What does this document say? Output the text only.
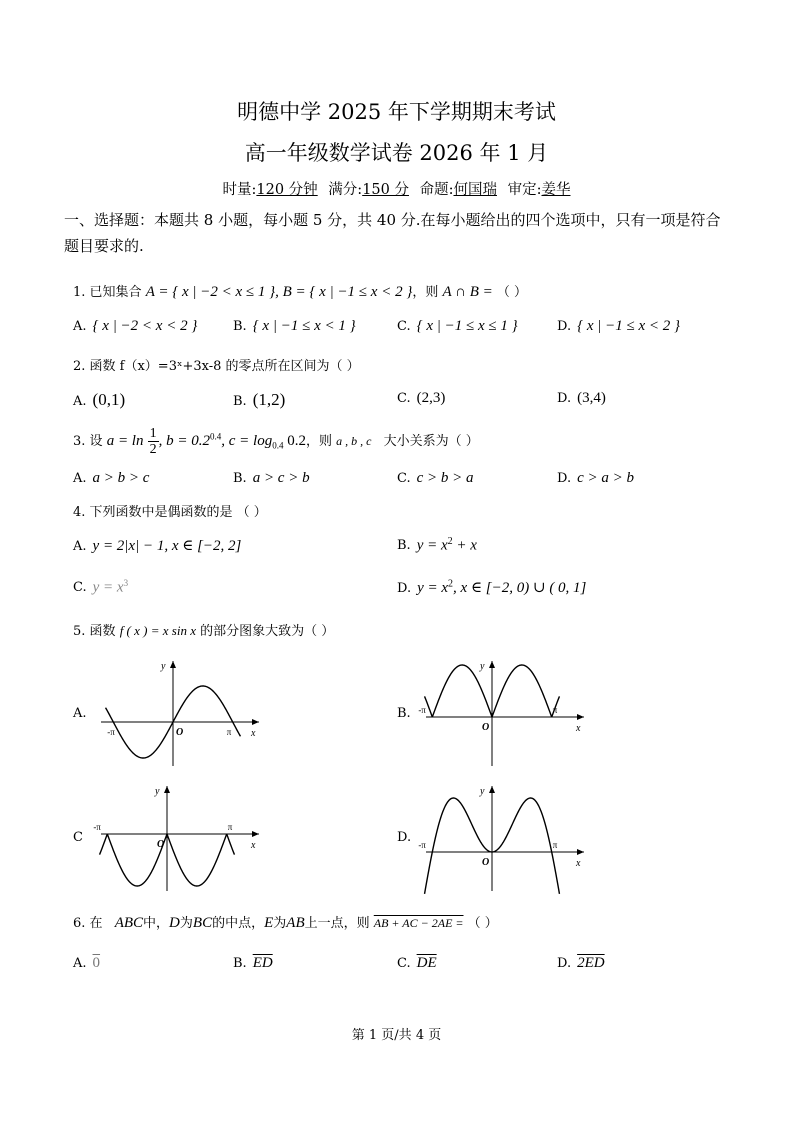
明德中学 2025 年下学期期末考试
高一年级数学试卷 2026 年 1 月
时量:120 分钟 满分:150 分 命题:何国瑞 审定:姜华
一、选择题：本题共 8 小题，每小题 5 分，共 40 分.在每小题给出的四个选项中，只有一项是符合题目要求的.
1. 已知集合 A = { x | −2 < x ≤ 1 }, B = { x | −1 ≤ x < 2 }，则 A ∩ B = （ ）
A. { x | −2 < x < 2 }	B. { x | −1 ≤ x < 1 }	C. { x | −1 ≤ x ≤ 1 }	D. { x | −1 ≤ x < 2 }
2. 函数 f（x）=3ˣ+3x-8 的零点所在区间为（ ）
A. (0,1)	B. (1,2)	C. (2,3)	D. (3,4)
3. 设 $a = \ln \frac{1}{2}$ , $b = 0.2^{0.4}$, $c = \log_{0.4} 0.2$，则 a , b , c 大小关系为（ ）
A. a > b > c	B. a > c > b	C. c > b > a	D. c > a > b
4. 下列函数中是偶函数的是 （ ）
A. y = 2|x| − 1, x ∈ [−2, 2]	B. $y = x^2 + x$
C. $y = x^3$	D. $y = x^2$, x ∈ [−2, 0) ∪ ( 0, 1]
5. 函数 f ( x ) = x sin x 的部分图象大致为（ ）
A.	B.
C	D.
y
x
O
-π	π
y
x
O
-π	π
y
x
O
-π	π
y
x
O
-π	π
6. 在 ABC中，D为BC的中点，E为AB上一点，则 AB + AC − 2AE = （ ）
A. 0	B. $\overline{ED}$	C. $\overline{DE}$	D. 2ED
第 1 页/共 4 页
